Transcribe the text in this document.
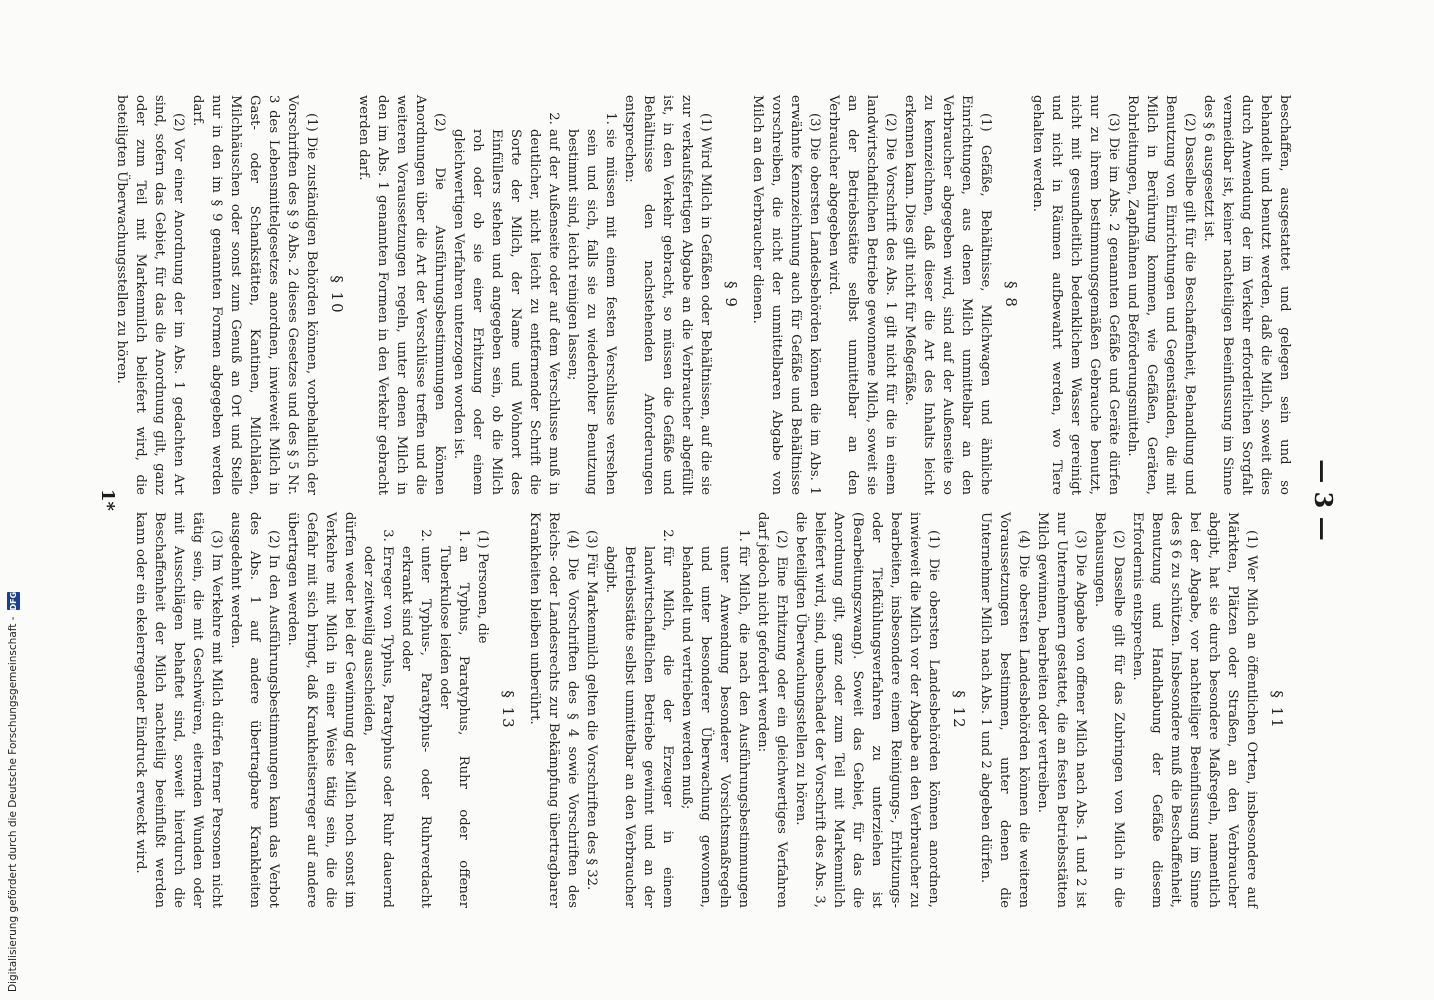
— 3 —

beschaffen, ausgestattet und gelegen sein und so behandelt und benutzt werden, daß die Milch, soweit dies durch Anwendung der im Verkehr erforderlichen Sorgfalt vermeidbar ist, keiner nachteiligen Beeinflussung im Sinne des § 6 ausgesetzt ist.

(2) Dasselbe gilt für die Beschaffenheit, Behandlung und Benutzung von Einrichtungen und Gegenständen, die mit Milch in Berührung kommen, wie Gefäßen, Geräten, Rohrleitungen, Zapfhähnen und Beförderungsmitteln.

(3) Die im Abs. 2 genannten Gefäße und Geräte dürfen nur zu ihrem bestimmungsgemäßen Gebrauche benutzt, nicht mit gesundheitlich bedenklichem Wasser gereinigt und nicht in Räumen aufbewahrt werden, wo Tiere gehalten werden.

§ 8

(1) Gefäße, Behältnisse, Milchwagen und ähnliche Einrichtungen, aus denen Milch unmittelbar an den Verbraucher abgegeben wird, sind auf der Außenseite so zu kennzeichnen, daß dieser die Art des Inhalts leicht erkennen kann. Dies gilt nicht für Meßgefäße.

(2) Die Vorschrift des Abs. 1 gilt nicht für die in einem landwirtschaftlichen Betriebe gewonnene Milch, soweit sie an der Betriebsstätte selbst unmittelbar an den Verbraucher abgegeben wird.

(3) Die obersten Landesbehörden können die im Abs. 1 erwähnte Kennzeichnung auch für Gefäße und Behältnisse vorschreiben, die nicht der unmittelbaren Abgabe von Milch an den Verbraucher dienen.

§ 9

(1) Wird Milch in Gefäßen oder Behältnissen, auf die sie zur verkaufsfertigen Abgabe an die Verbraucher abgefüllt ist, in den Verkehr gebracht, so müssen die Gefäße und Behältnisse den nachstehenden Anforderungen entsprechen:

1. sie müssen mit einem festen Verschlusse versehen sein und sich, falls sie zu wiederholter Benutzung bestimmt sind, leicht reinigen lassen;
2. auf der Außenseite oder auf dem Verschlusse muß in deutlicher, nicht leicht zu entfernender Schrift die Sorte der Milch, der Name und Wohnort des Einfüllers stehen und angegeben sein, ob die Milch roh oder ob sie einer Erhitzung oder einem gleichwertigen Verfahren unterzogen worden ist.

(2) Die Ausführungsbestimmungen können Anordnungen über die Art der Verschlüsse treffen und die weiteren Voraussetzungen regeln, unter denen Milch in den im Abs. 1 genannten Formen in den Verkehr gebracht werden darf.

§ 10

(1) Die zuständigen Behörden können, vorbehaltlich der Vorschriften des § 9 Abs. 2 dieses Gesetzes und des § 5 Nr. 3 des Lebensmittelgesetzes anordnen, inwieweit Milch in Gast- oder Schankstätten, Kantinen, Milchläden, Milchhäuschen oder sonst zum Genuß an Ort und Stelle nur in den im § 9 genannten Formen abgegeben werden darf.

(2) Vor einer Anordnung der im Abs. 1 gedachten Art sind, sofern das Gebiet, für das die Anordnung gilt, ganz oder zum Teil mit Markenmilch beliefert wird, die beteiligten Überwachungsstellen zu hören.

§ 11

(1) Wer Milch an öffentlichen Orten, insbesondere auf Märkten, Plätzen oder Straßen, an den Verbraucher abgibt, hat sie durch besondere Maßregeln, namentlich bei der Abgabe, vor nachteiliger Beeinflussung im Sinne des § 6 zu schützen. Insbesondere muß die Beschaffenheit, Benutzung und Handhabung der Gefäße diesem Erfordernis entsprechen.

(2) Dasselbe gilt für das Zubringen von Milch in die Behausungen.

(3) Die Abgabe von offener Milch nach Abs. 1 und 2 ist nur Unternehmern gestattet, die an festen Betriebsstätten Milch gewinnen, bearbeiten oder vertreiben.

(4) Die obersten Landesbehörden können die weiteren Voraussetzungen bestimmen, unter denen die Unternehmer Milch nach Abs. 1 und 2 abgeben dürfen.

§ 12

(1) Die obersten Landesbehörden können anordnen, inwieweit die Milch vor der Abgabe an den Verbraucher zu bearbeiten, insbesondere einem Reinigungs-, Erhitzungs- oder Tiefkühlungsverfahren zu unterziehen ist (Bearbeitungszwang). Soweit das Gebiet, für das die Anordnung gilt, ganz oder zum Teil mit Markenmilch beliefert wird, sind, unbeschadet der Vorschrift des Abs. 3, die beteiligten Überwachungsstellen zu hören.

(2) Eine Erhitzung oder ein gleichwertiges Verfahren darf jedoch nicht gefordert werden:

1. für Milch, die nach den Ausführungsbestimmungen unter Anwendung besonderer Vorsichtsmaßregeln und unter besonderer Überwachung gewonnen, behandelt und vertrieben werden muß;
2. für Milch, die der Erzeuger in einem landwirtschaftlichen Betriebe gewinnt und an der Betriebsstätte selbst unmittelbar an den Verbraucher abgibt.

(3) Für Markenmilch gelten die Vorschriften des § 32.

(4) Die Vorschriften des § 4 sowie Vorschriften des Reichs- oder Landesrechts zur Bekämpfung übertragbarer Krankheiten bleiben unberührt.

§ 13

(1) Personen, die

1. an Typhus, Paratyphus, Ruhr oder offener Tuberkulose leiden oder
2. unter Typhus-, Paratyphus- oder Ruhrverdacht erkrankt sind oder
3. Erreger von Typhus, Paratyphus oder Ruhr dauernd oder zeitweilig ausscheiden,

dürfen weder bei der Gewinnung der Milch noch sonst im Verkehre mit Milch in einer Weise tätig sein, die die Gefahr mit sich bringt, daß Krankheitserreger auf andere übertragen werden.

(2) In den Ausführungsbestimmungen kann das Verbot des Abs. 1 auf andere übertragbare Krankheiten ausgedehnt werden.

(3) Im Verkehre mit Milch dürfen ferner Personen nicht tätig sein, die mit Geschwüren, eiternden Wunden oder mit Ausschlägen behaftet sind, soweit hierdurch die Beschaffenheit der Milch nachteilig beeinflußt werden kann oder ein ekelerregender Eindruck erweckt wird.

1*
Digitalisierung gefördert durch die Deutsche Forschungsgemeinschaft -
DFG
